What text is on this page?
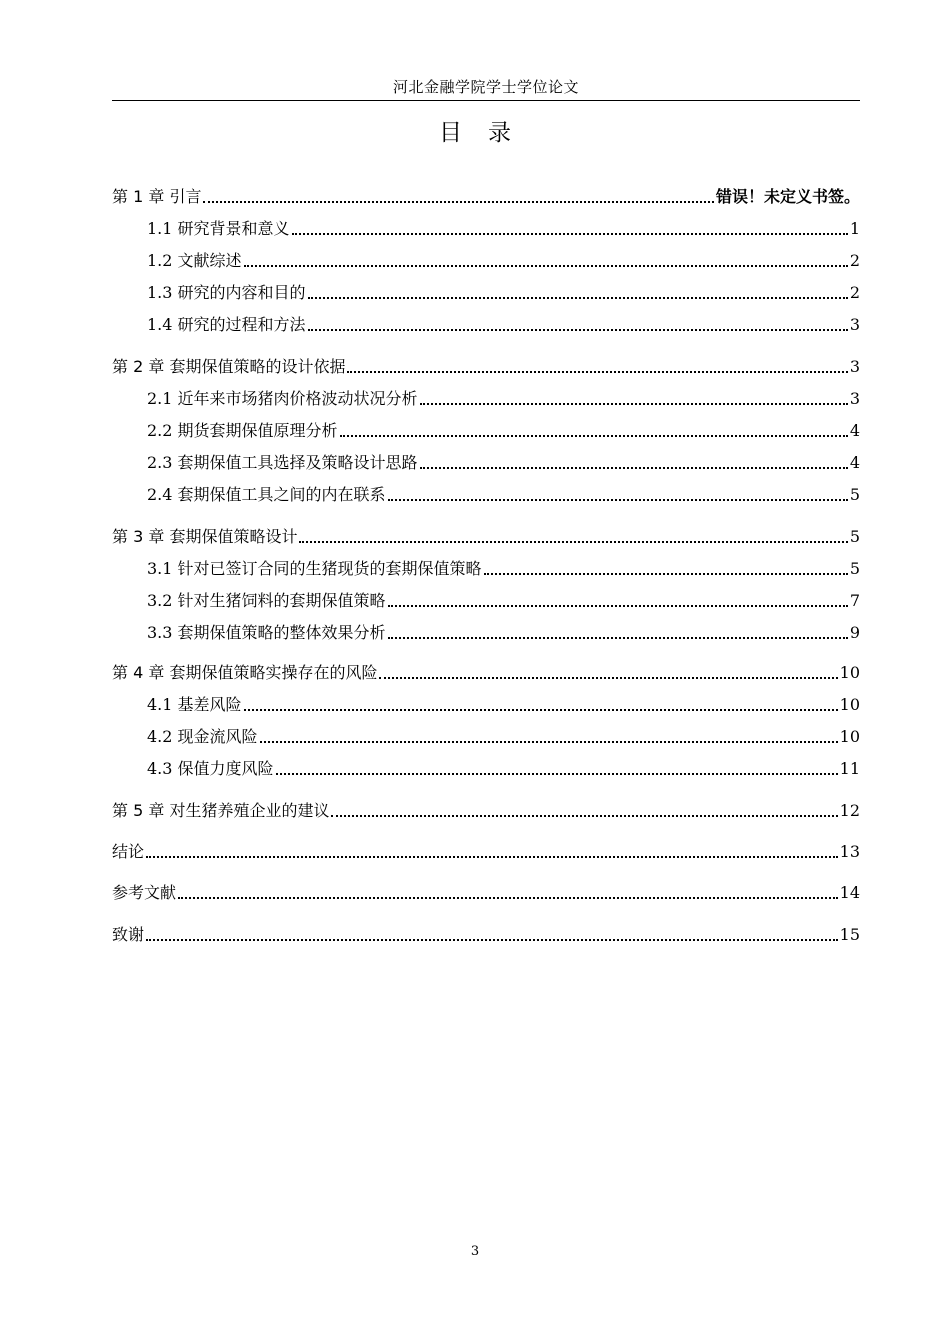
河北金融学院学士学位论文
目录
第 1 章 引言	错误！未定义书签。
1.1 研究背景和意义	1
1.2 文献综述	2
1.3 研究的内容和目的	2
1.4 研究的过程和方法	3
第 2 章 套期保值策略的设计依据	3
2.1 近年来市场猪肉价格波动状况分析	3
2.2 期货套期保值原理分析	4
2.3 套期保值工具选择及策略设计思路	4
2.4 套期保值工具之间的内在联系	5
第 3 章 套期保值策略设计	5
3.1 针对已签订合同的生猪现货的套期保值策略	5
3.2 针对生猪饲料的套期保值策略	7
3.3 套期保值策略的整体效果分析	9
第 4 章 套期保值策略实操存在的风险	10
4.1 基差风险	10
4.2 现金流风险	10
4.3 保值力度风险	11
第 5 章 对生猪养殖企业的建议	12
结论	13
参考文献	14
致谢	15
3
